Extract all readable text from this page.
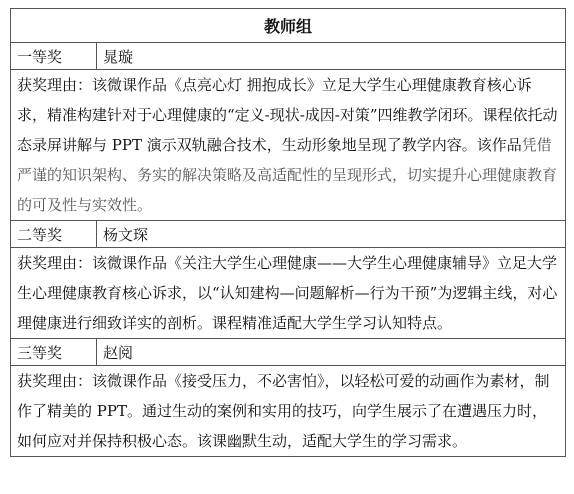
教师组	
一等奖	晁璇

获奖理由：该微课作品《点亮心灯 拥抱成长》立足大学生心理健康教育核心诉求，精准构建针对于心理健康的“定义-现状-成因-对策”四维教学闭环。课程依托动态录屏讲解与 PPT 演示双轨融合技术，生动形象地呈现了教学内容。该作品凭借严谨的知识架构、务实的解决策略及高适配性的呈现形式，切实提升心理健康教育的可及性与实效性。	

二等奖	杨文琛

获奖理由：该微课作品《关注大学生心理健康——大学生心理健康辅导》立足大学生心理健康教育核心诉求，以“认知建构—问题解析—行为干预”为逻辑主线，对心理健康进行细致详实的剖析。课程精准适配大学生学习认知特点。	

三等奖	赵阅

获奖理由：该微课作品《接受压力，不必害怕》，以轻松可爱的动画作为素材，制作了精美的 PPT。通过生动的案例和实用的技巧，向学生展示了在遭遇压力时，如何应对并保持积极心态。该课幽默生动，适配大学生的学习需求。	
